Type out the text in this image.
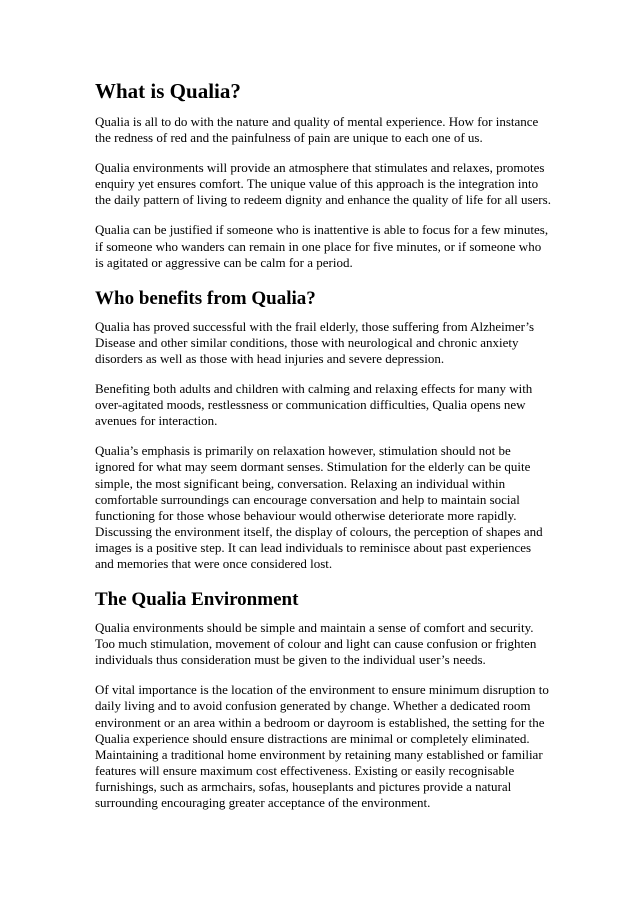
What is Qualia?

Qualia is all to do with the nature and quality of mental experience. How for instance the redness of red and the painfulness of pain are unique to each one of us.

Qualia environments will provide an atmosphere that stimulates and relaxes, promotes enquiry yet ensures comfort. The unique value of this approach is the integration into the daily pattern of living to redeem dignity and enhance the quality of life for all users.

Qualia can be justified if someone who is inattentive is able to focus for a few minutes, if someone who wanders can remain in one place for five minutes, or if someone who is agitated or aggressive can be calm for a period.

Who benefits from Qualia?

Qualia has proved successful with the frail elderly, those suffering from Alzheimer’s Disease and other similar conditions, those with neurological and chronic anxiety disorders as well as those with head injuries and severe depression.

Benefiting both adults and children with calming and relaxing effects for many with over-agitated moods, restlessness or communication difficulties, Qualia opens new avenues for interaction.

Qualia’s emphasis is primarily on relaxation however, stimulation should not be ignored for what may seem dormant senses. Stimulation for the elderly can be quite simple, the most significant being, conversation. Relaxing an individual within comfortable surroundings can encourage conversation and help to maintain social functioning for those whose behaviour would otherwise deteriorate more rapidly. Discussing the environment itself, the display of colours, the perception of shapes and images is a positive step. It can lead individuals to reminisce about past experiences and memories that were once considered lost.

The Qualia Environment

Qualia environments should be simple and maintain a sense of comfort and security. Too much stimulation, movement of colour and light can cause confusion or frighten individuals thus consideration must be given to the individual user’s needs.

Of vital importance is the location of the environment to ensure minimum disruption to daily living and to avoid confusion generated by change. Whether a dedicated room environment or an area within a bedroom or dayroom is established, the setting for the Qualia experience should ensure distractions are minimal or completely eliminated. Maintaining a traditional home environment by retaining many established or familiar features will ensure maximum cost effectiveness. Existing or easily recognisable furnishings, such as armchairs, sofas, houseplants and pictures provide a natural surrounding encouraging greater acceptance of the environment.
